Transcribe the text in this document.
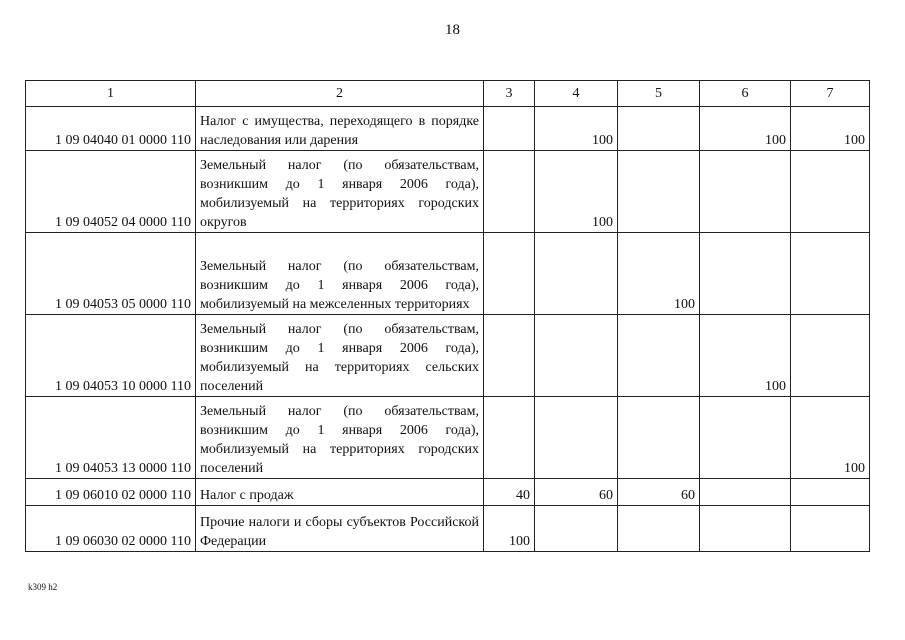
18
1	2	3	4	5	6	7
1 09 04040 01 0000 110	Налог с имущества, переходящего в порядке наследования или дарения		100		100	100
1 09 04052 04 0000 110	Земельный налог (по обязательствам, возникшим до 1 января 2006 года), мобилизуемый на территориях городских округов		100			
1 09 04053 05 0000 110	Земельный налог (по обязательствам, возникшим до 1 января 2006 года), мобилизуемый на межселенных территориях			100		
1 09 04053 10 0000 110	Земельный налог (по обязательствам, возникшим до 1 января 2006 года), мобилизуемый на территориях сельских поселений				100	
1 09 04053 13 0000 110	Земельный налог (по обязательствам, возникшим до 1 января 2006 года), мобилизуемый на территориях городских поселений					100
1 09 06010 02 0000 110	Налог с продаж	40	60	60		
1 09 06030 02 0000 110	Прочие налоги и сборы субъектов Российской Федерации	100				
k309 h2
